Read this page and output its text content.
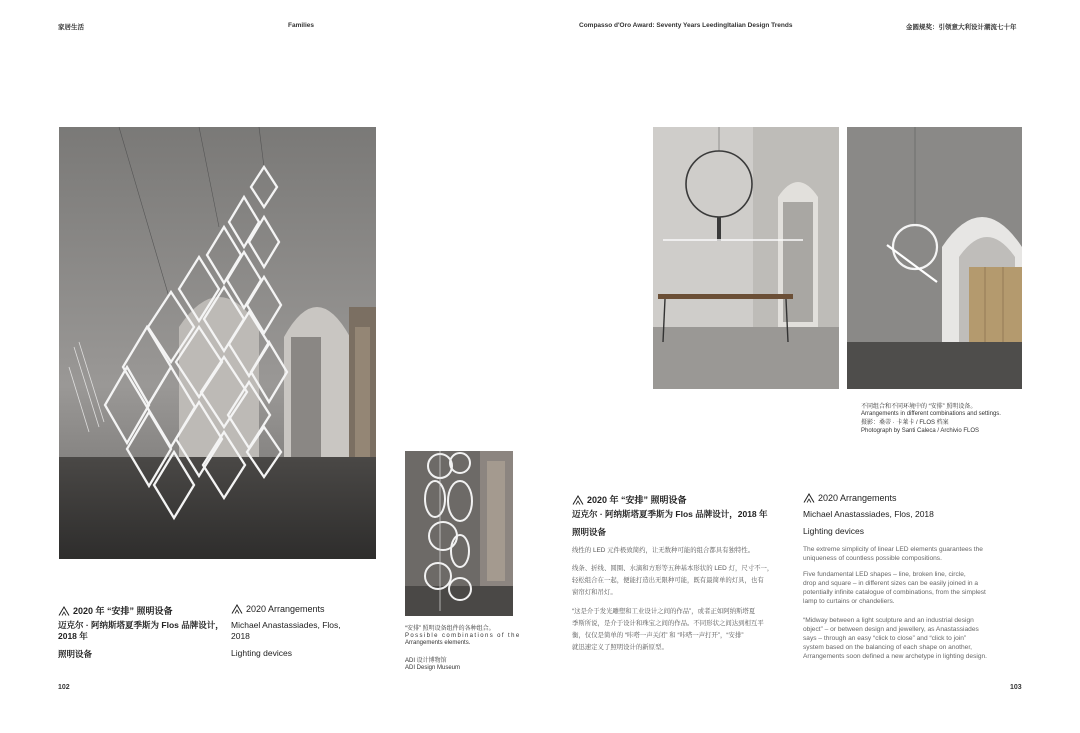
家居生活	Families	Compasso d'Oro Award: Seventy Years LeedingItalian Design Trends	金圆规奖：引领意大利设计潮流七十年
2020 年 “安排” 照明设备
迈克尔 · 阿纳斯塔夏季斯为 Flos 品牌设计，
2018 年
照明设备
2020 Arrangements
Michael Anastassiades, Flos,
2018
Lighting devices
102
“安排” 照明设备组件的各种组合。
Possible combinations of the
Arrangements elements.
ADI 设计博物馆
ADI Design Museum
不同组合和不同环境中的 “安排” 照明设备。
Arrangements in different combinations and settings.
摄影：桑蒂 · 卡莱卡 / FLOS 档案
Photograph by Santi Caleca / Archivio FLOS
2020 年 “安排” 照明设备
迈克尔 · 阿纳斯塔夏季斯为 Flos 品牌设计，2018 年
照明设备
线性的 LED 元件极致简约，让无数种可能的组合都具有独特性。
线条、折线、圆圈、水滴和方形等五种基本形状的 LED 灯，尺寸不一，
轻松组合在一起，便能打造出无限种可能，既有最简单的灯具，也有
窗帘灯和吊灯。
“这是介于发光雕塑和工业设计之间的作品”，或者正如阿纳斯塔夏
季斯所说，是介于设计和珠宝之间的作品。不同形状之间达到相互平
衡，仅仅是简单的 “咔嗒一声关闭” 和 “咔嗒一声打开”，“安排”
就迅速定义了照明设计的新原型。
2020 Arrangements
Michael Anastassiades, Flos, 2018
Lighting devices
The extreme simplicity of linear LED elements guarantees the
uniqueness of countless possible compositions.
Five fundamental LED shapes – line, broken line, circle,
drop and square – in different sizes can be easily joined in a
potentially infinite catalogue of combinations, from the simplest
lamp to curtains or chandeliers.
“Midway between a light sculpture and an industrial design
object” – or between design and jewellery, as Anastassiades
says – through an easy “click to close” and “click to join”
system based on the balancing of each shape on another,
Arrangements soon defined a new archetype in lighting design.
103
